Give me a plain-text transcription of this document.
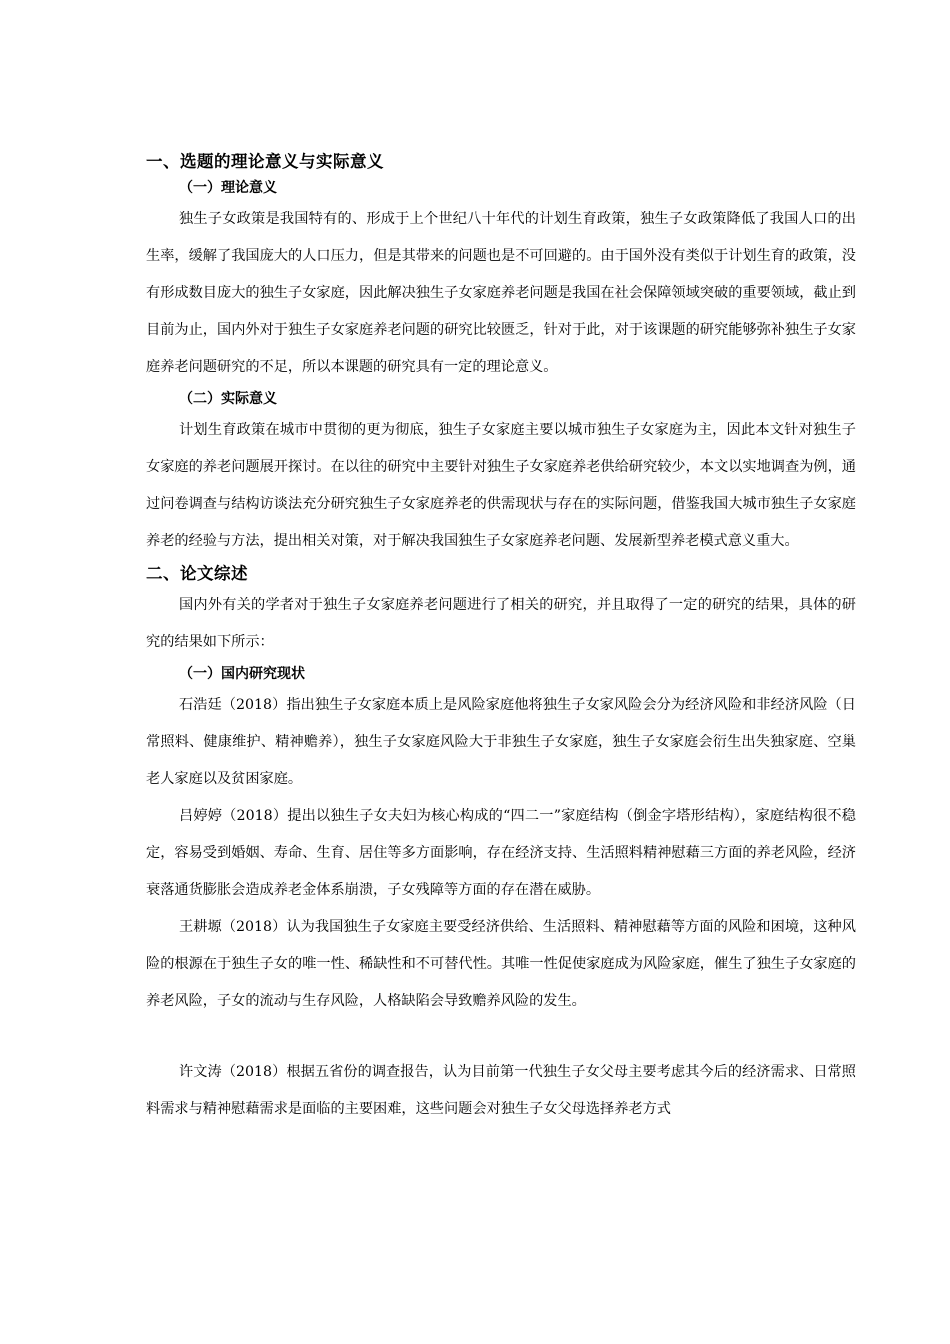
一、选题的理论意义与实际意义
（一）理论意义

独生子女政策是我国特有的、形成于上个世纪八十年代的计划生育政策，独生子女政策降低了我国人口的出生率，缓解了我国庞大的人口压力，但是其带来的问题也是不可回避的。由于国外没有类似于计划生育的政策，没有形成数目庞大的独生子女家庭，因此解决独生子女家庭养老问题是我国在社会保障领域突破的重要领域，截止到目前为止，国内外对于独生子女家庭养老问题的研究比较匮乏，针对于此，对于该课题的研究能够弥补独生子女家庭养老问题研究的不足，所以本课题的研究具有一定的理论意义。

（二）实际意义

计划生育政策在城市中贯彻的更为彻底，独生子女家庭主要以城市独生子女家庭为主，因此本文针对独生子女家庭的养老问题展开探讨。在以往的研究中主要针对独生子女家庭养老供给研究较少，本文以实地调查为例，通过问卷调查与结构访谈法充分研究独生子女家庭养老的供需现状与存在的实际问题，借鉴我国大城市独生子女家庭养老的经验与方法，提出相关对策，对于解决我国独生子女家庭养老问题、发展新型养老模式意义重大。

二、论文综述

国内外有关的学者对于独生子女家庭养老问题进行了相关的研究，并且取得了一定的研究的结果，具体的研究的结果如下所示：

（一）国内研究现状

石浩廷（2018）指出独生子女家庭本质上是风险家庭他将独生子女家风险会分为经济风险和非经济风险（日常照料、健康维护、精神赡养），独生子女家庭风险大于非独生子女家庭，独生子女家庭会衍生出失独家庭、空巢老人家庭以及贫困家庭。

吕婷婷（2018）提出以独生子女夫妇为核心构成的“四二一”家庭结构（倒金字塔形结构），家庭结构很不稳定，容易受到婚姻、寿命、生育、居住等多方面影响，存在经济支持、生活照料精神慰藉三方面的养老风险，经济衰落通货膨胀会造成养老金体系崩溃，子女残障等方面的存在潜在威胁。

王耕塬（2018）认为我国独生子女家庭主要受经济供给、生活照料、精神慰藉等方面的风险和困境，这种风险的根源在于独生子女的唯一性、稀缺性和不可替代性。其唯一性促使家庭成为风险家庭，催生了独生子女家庭的养老风险，子女的流动与生存风险，人格缺陷会导致赡养风险的发生。

许文涛（2018）根据五省份的调查报告，认为目前第一代独生子女父母主要考虑其今后的经济需求、日常照料需求与精神慰藉需求是面临的主要困难，这些问题会对独生子女父母选择养老方式
